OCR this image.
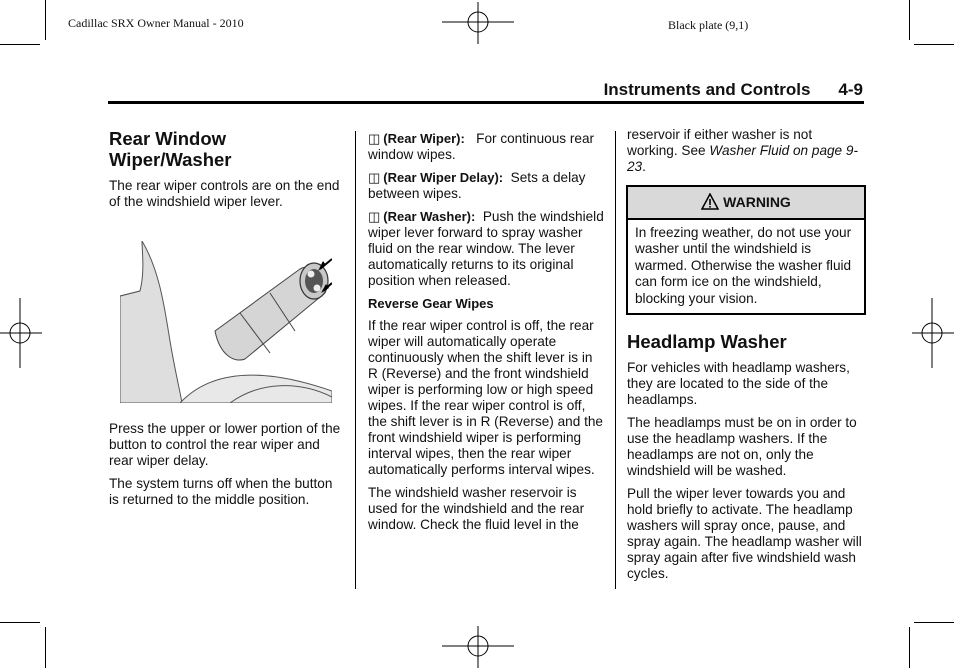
Cadillac SRX Owner Manual - 2010	Black plate (9,1)
Instruments and Controls 4-9
Rear Window
Wiper/Washer

The rear wiper controls are on the end of the windshield wiper lever.

Press the upper or lower portion of the button to control the rear wiper and rear wiper delay.

The system turns off when the button is returned to the middle position.

◫ (Rear Wiper): For continuous rear window wipes.

◫ (Rear Wiper Delay): Sets a delay between wipes.

◫ (Rear Washer): Push the windshield wiper lever forward to spray washer fluid on the rear window. The lever automatically returns to its original position when released.

Reverse Gear Wipes

If the rear wiper control is off, the rear wiper will automatically operate continuously when the shift lever is in R (Reverse) and the front windshield wiper is performing low or high speed wipes. If the rear wiper control is off, the shift lever is in R (Reverse) and the front windshield wiper is performing interval wipes, then the rear wiper automatically performs interval wipes.

The windshield washer reservoir is used for the windshield and the rear window. Check the fluid level in the

reservoir if either washer is not working. See Washer Fluid on page 9-23.

WARNING
In freezing weather, do not use your washer until the windshield is warmed. Otherwise the washer fluid can form ice on the windshield, blocking your vision.
Headlamp Washer

For vehicles with headlamp washers, they are located to the side of the headlamps.

The headlamps must be on in order to use the headlamp washers. If the headlamps are not on, only the windshield will be washed.

Pull the wiper lever towards you and hold briefly to activate. The headlamp washers will spray once, pause, and spray again. The headlamp washer will spray again after five windshield wash cycles.
